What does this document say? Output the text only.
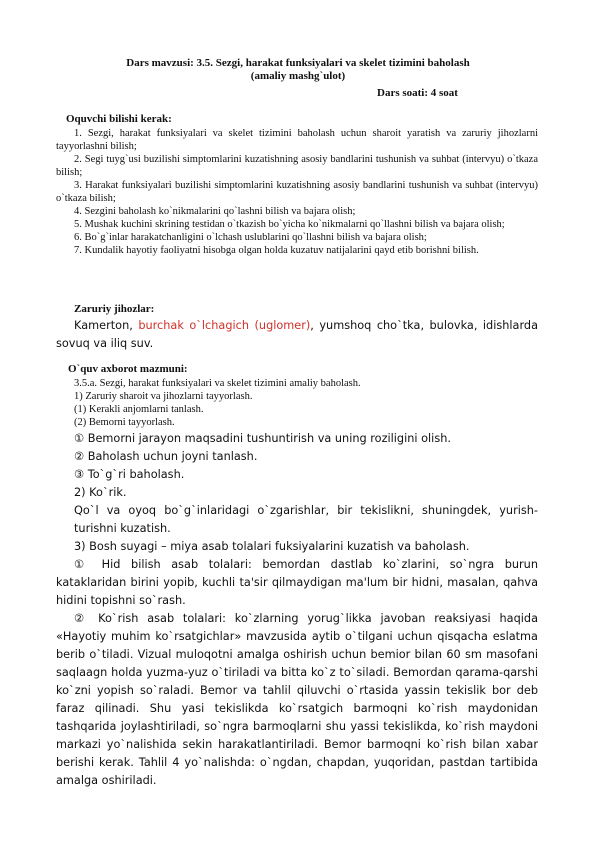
Dars mavzusi: 3.5. Sezgi, harakat funksiyalari va skelet tizimini baholash
(amaliy mashg`ulot)
Dars soati: 4 soat
Oquvchi bilishi kerak:

1. Sezgi, harakat funksiyalari va skelet tizimini baholash uchun sharoit yaratish va zaruriy jihozlarni tayyorlashni bilish;

2. Segi tuyg`usi buzilishi simptomlarini kuzatishning asosiy bandlarini tushunish va suhbat (intervyu) o`tkaza bilish;

3. Harakat funksiyalari buzilishi simptomlarini kuzatishning asosiy bandlarini tushunish va suhbat (intervyu) o`tkaza bilish;

4. Sezgini baholash ko`nikmalarini qo`lashni bilish va bajara olish;

5. Mushak kuchini skrining testidan o`tkazish bo`yicha ko`nikmalarni qo`llashni bilish va bajara olish;

6. Bo`g`inlar harakatchanligini o`lchash uslublarini qo`llashni bilish va bajara olish;

7. Kundalik hayotiy faoliyatni hisobga olgan holda kuzatuv natijalarini qayd etib borishni bilish.

Zaruriy jihozlar:

Kamerton, burchak o`lchagich (uglomer), yumshoq cho`tka, bulovka, idishlarda sovuq va iliq suv.

O`quv axborot mazmuni:

3.5.a. Sezgi, harakat funksiyalari va skelet tizimini amaliy baholash.

1) Zaruriy sharoit va jihozlarni tayyorlash.

(1) Kerakli anjomlarni tanlash.

(2) Bemorni tayyorlash.

① Bemorni jarayon maqsadini tushuntirish va uning roziligini olish.

② Baholash uchun joyni tanlash.

③ To`g`ri baholash.

2) Ko`rik.

Qo`l va oyoq bo`g`inlaridagi o`zgarishlar, bir tekislikni, shuningdek, yurish-turishni kuzatish.

3) Bosh suyagi – miya asab tolalari fuksiyalarini kuzatish va baholash.

① Hid bilish asab tolalari: bemordan dastlab ko`zlarini, so`ngra burun kataklaridan birini yopib, kuchli ta'sir qilmaydigan ma'lum bir hidni, masalan, qahva hidini topishni so`rash.

② Ko`rish asab tolalari: ko`zlarning yorug`likka javoban reaksiyasi haqida «Hayotiy muhim ko`rsatgichlar» mavzusida aytib o`tilgani uchun qisqacha eslatma berib o`tiladi. Vizual muloqotni amalga oshirish uchun bemior bilan 60 sm masofani saqlaagn holda yuzma-yuz o`tiriladi va bitta ko`z to`siladi. Bemordan qarama-qarshi ko`zni yopish so`raladi. Bemor va tahlil qiluvchi o`rtasida yassin tekislik bor deb faraz qilinadi. Shu yasi tekislikda ko`rsatgich barmoqni ko`rish maydonidan tashqarida joylashtiriladi, so`ngra barmoqlarni shu yassi tekislikda, ko`rish maydoni markazi yo`nalishida sekin harakatlantiriladi. Bemor barmoqni ko`rish bilan xabar berishi kerak. Tahlil 4 yo`nalishda: o`ngdan, chapdan, yuqoridan, pastdan tartibida amalga oshiriladi.
